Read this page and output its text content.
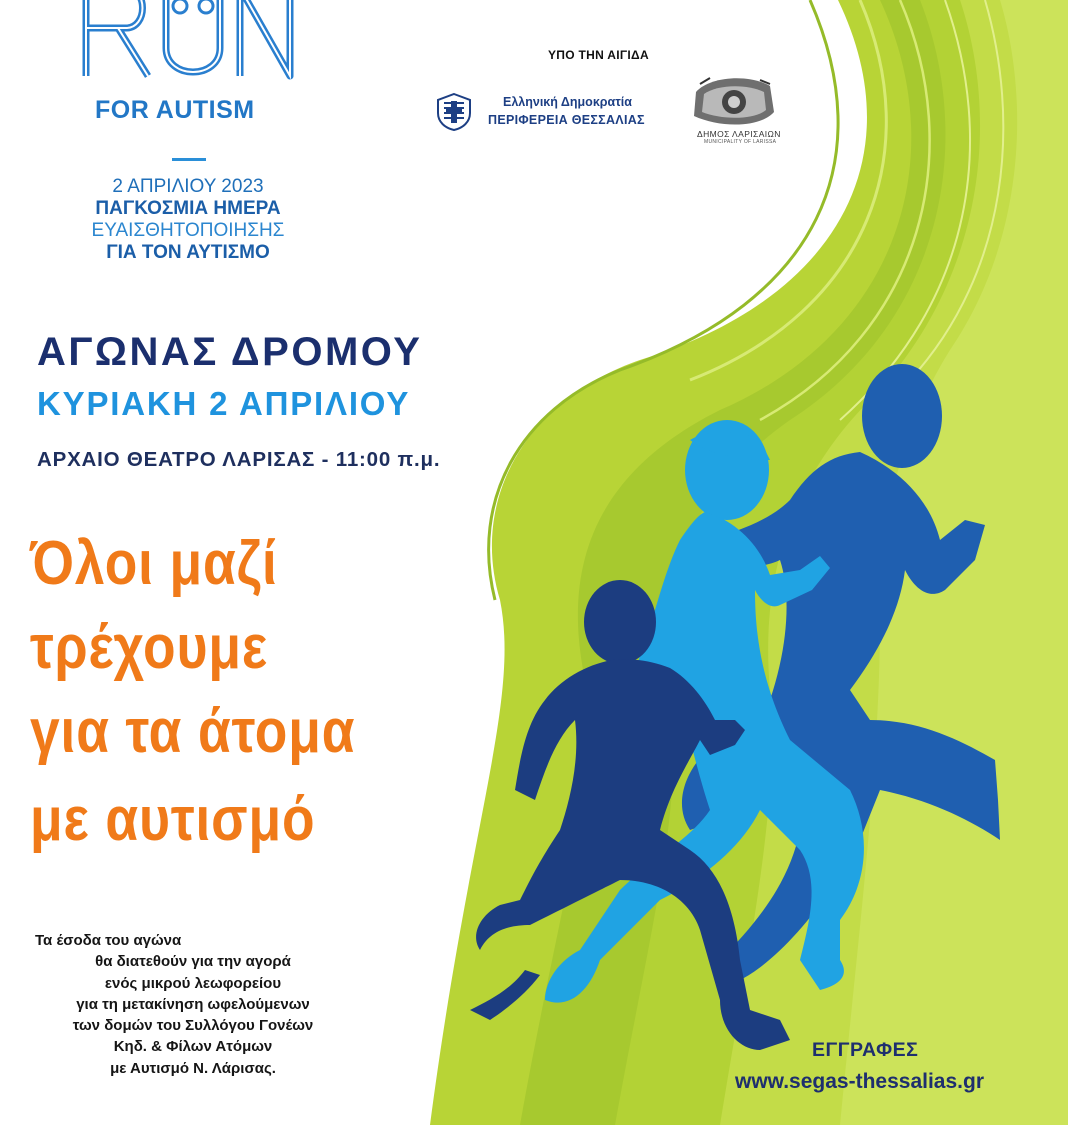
FOR AUTISM
2 ΑΠΡΙΛΙΟΥ 2023
ΠΑΓΚΟΣΜΙΑ ΗΜΕΡΑ
ΕΥΑΙΣΘΗΤΟΠΟΙΗΣΗΣ
ΓΙΑ ΤΟΝ ΑΥΤΙΣΜΟ
ΥΠΟ ΤΗΝ ΑΙΓΙΔΑ
Ελληνική Δημοκρατία
ΠΕΡΙΦΕΡΕΙΑ ΘΕΣΣΑΛΙΑΣ
ΔΗΜΟΣ ΛΑΡΙΣΑΙΩΝ
MUNICIPALITY OF LARISSA
ΑΓΩΝΑΣ ΔΡΟΜΟΥ
ΚΥΡΙΑΚΗ 2 ΑΠΡΙΛΙΟΥ
ΑΡΧΑΙΟ ΘΕΑΤΡΟ ΛΑΡΙΣΑΣ - 11:00 π.μ.
Όλοι μαζί
τρέχουμε
για τα άτομα
με αυτισμό
Τα έσοδα του αγώνα
θα διατεθούν για την αγορά
ενός μικρού λεωφορείου
για τη μετακίνηση ωφελούμενων
των δομών του Συλλόγου Γονέων
Κηδ. & Φίλων Ατόμων
με Αυτισμό Ν. Λάρισας.
ΕΓΓΡΑΦΕΣ
www.segas-thessalias.gr
